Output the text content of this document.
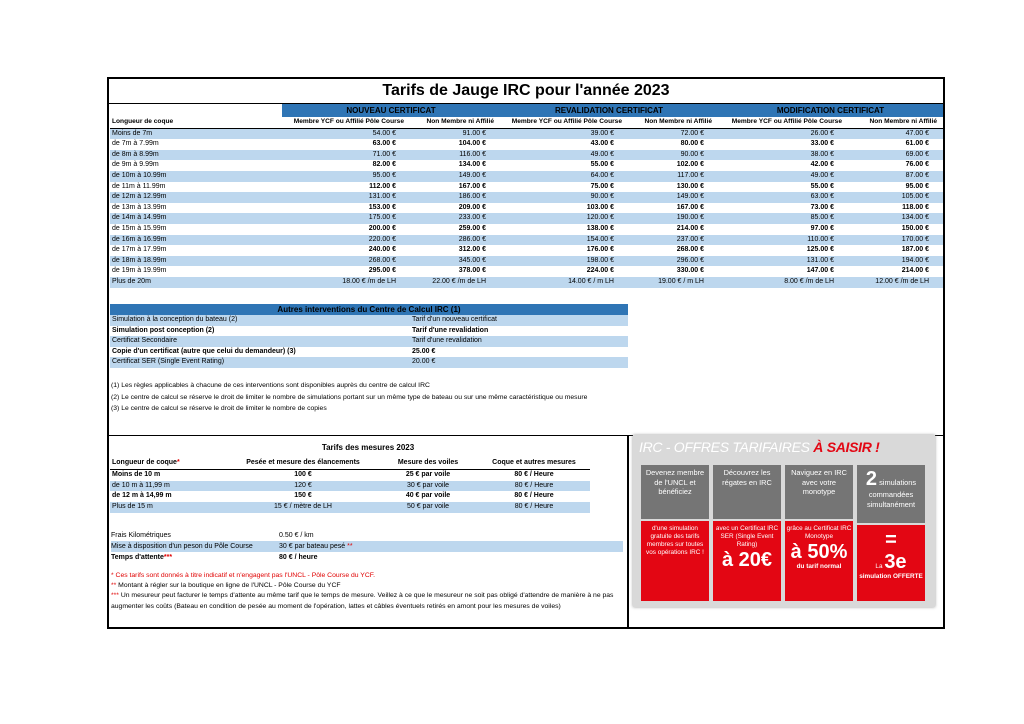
Tarifs de Jauge IRC pour l'année 2023
	NOUVEAU CERTIFICAT		REVALIDATION CERTIFICAT		MODIFICATION CERTIFICAT	
Longueur de coque	Membre YCF ou Affilié Pôle Course	Non Membre ni Affilié	Membre YCF ou Affilié Pôle Course	Non Membre ni Affilié	Membre YCF ou Affilié Pôle Course	Non Membre ni Affilié
Moins de 7m	54.00 €	91.00 €	39.00 €	72.00 €	26.00 €	47.00 €
de 7m à 7.99m	63.00 €	104.00 €	43.00 €	80.00 €	33.00 €	61.00 €
de 8m à 8.99m	71.00 €	116.00 €	49.00 €	90.00 €	38.00 €	69.00 €
de 9m à 9.99m	82.00 €	134.00 €	55.00 €	102.00 €	42.00 €	76.00 €
de 10m à 10.99m	95.00 €	149.00 €	64.00 €	117.00 €	49.00 €	87.00 €
de 11m à 11.99m	112.00 €	167.00 €	75.00 €	130.00 €	55.00 €	95.00 €
de 12m à 12.99m	131.00 €	186.00 €	90.00 €	149.00 €	63.00 €	105.00 €
de 13m à 13.99m	153.00 €	209.00 €	103.00 €	167.00 €	73.00 €	118.00 €
de 14m à 14.99m	175.00 €	233.00 €	120.00 €	190.00 €	85.00 €	134.00 €
de 15m à 15.99m	200.00 €	259.00 €	138.00 €	214.00 €	97.00 €	150.00 €
de 16m à 16.99m	220.00 €	286.00 €	154.00 €	237.00 €	110.00 €	170.00 €
de 17m à 17.99m	240.00 €	312.00 €	176.00 €	268.00 €	125.00 €	187.00 €
de 18m à 18.99m	268.00 €	345.00 €	198.00 €	296.00 €	131.00 €	194.00 €
de 19m à 19.99m	295.00 €	378.00 €	224.00 €	330.00 €	147.00 €	214.00 €
Plus de 20m	18.00 € /m de LH	22.00 € /m de LH	14.00 € / m LH	19.00 € / m LH	8.00 € /m de LH	12.00 € /m de LH
Autres interventions du Centre de Calcul IRC (1)
Simulation à la conception du bateau (2)	Tarif d'un nouveau certificat
Simulation post conception (2)	Tarif d'une revalidation
Certificat Secondaire	Tarif d'une revalidation
Copie d'un certificat (autre que celui du demandeur) (3)	25.00 €
Certificat SER (Single Event Rating)	20.00 €
(1) Les règles applicables à chacune de ces interventions sont disponibles auprès du centre de calcul IRC
(2) Le centre de calcul se réserve le droit de limiter le nombre de simulations portant sur un même type de bateau ou sur une même caractéristique ou mesure
(3) Le centre de calcul se réserve le droit de limiter le nombre de copies
Tarifs des mesures 2023
Longueur de coque*	Pesée et mesure des élancements	Mesure des voiles	Coque et autres mesures
Moins de 10 m	100 €	25 € par voile	80 € / Heure
de 10 m à 11,99 m	120 €	30 € par voile	80 € / Heure
de 12 m à 14,99 m	150 €	40 € par voile	80 € / Heure
Plus de 15 m	15 € / mètre de LH	50 € par voile	80 € / Heure
Frais Kilométriques	0.50 € / km
Mise à disposition d'un peson du Pôle Course	30 € par bateau pesé **
Temps d'attente***	80 € / heure
* Ces tarifs sont donnés à titre indicatif et n'engagent pas l'UNCL - Pôle Course du YCF.
** Montant à régler sur la boutique en ligne de l'UNCL - Pôle Course du YCF
*** Un mesureur peut facturer le temps d'attente au même tarif que le temps de mesure. Veillez à ce que le mesureur ne soit pas obligé d'attendre de manière à ne pas augmenter les coûts (Bateau en condition de pesée au moment de l'opération, lattes et câbles éventuels retirés en amont pour les mesures de voiles)
IRC - OFFRES TARIFAIRES À SAISIR !
Devenez membre de l'UNCL et bénéficiez
d'une simulation gratuite des tarifs membres sur toutes vos opérations IRC !
Découvrez les régates en IRC
avec un Certificat IRC SER (Single Event Rating)
à 20€
Naviguez en IRC avec votre monotype
grâce au Certificat IRC Monotype
à 50%
du tarif normal
2 simulations commandées simultanément
=
La 3e
simulation OFFERTE
